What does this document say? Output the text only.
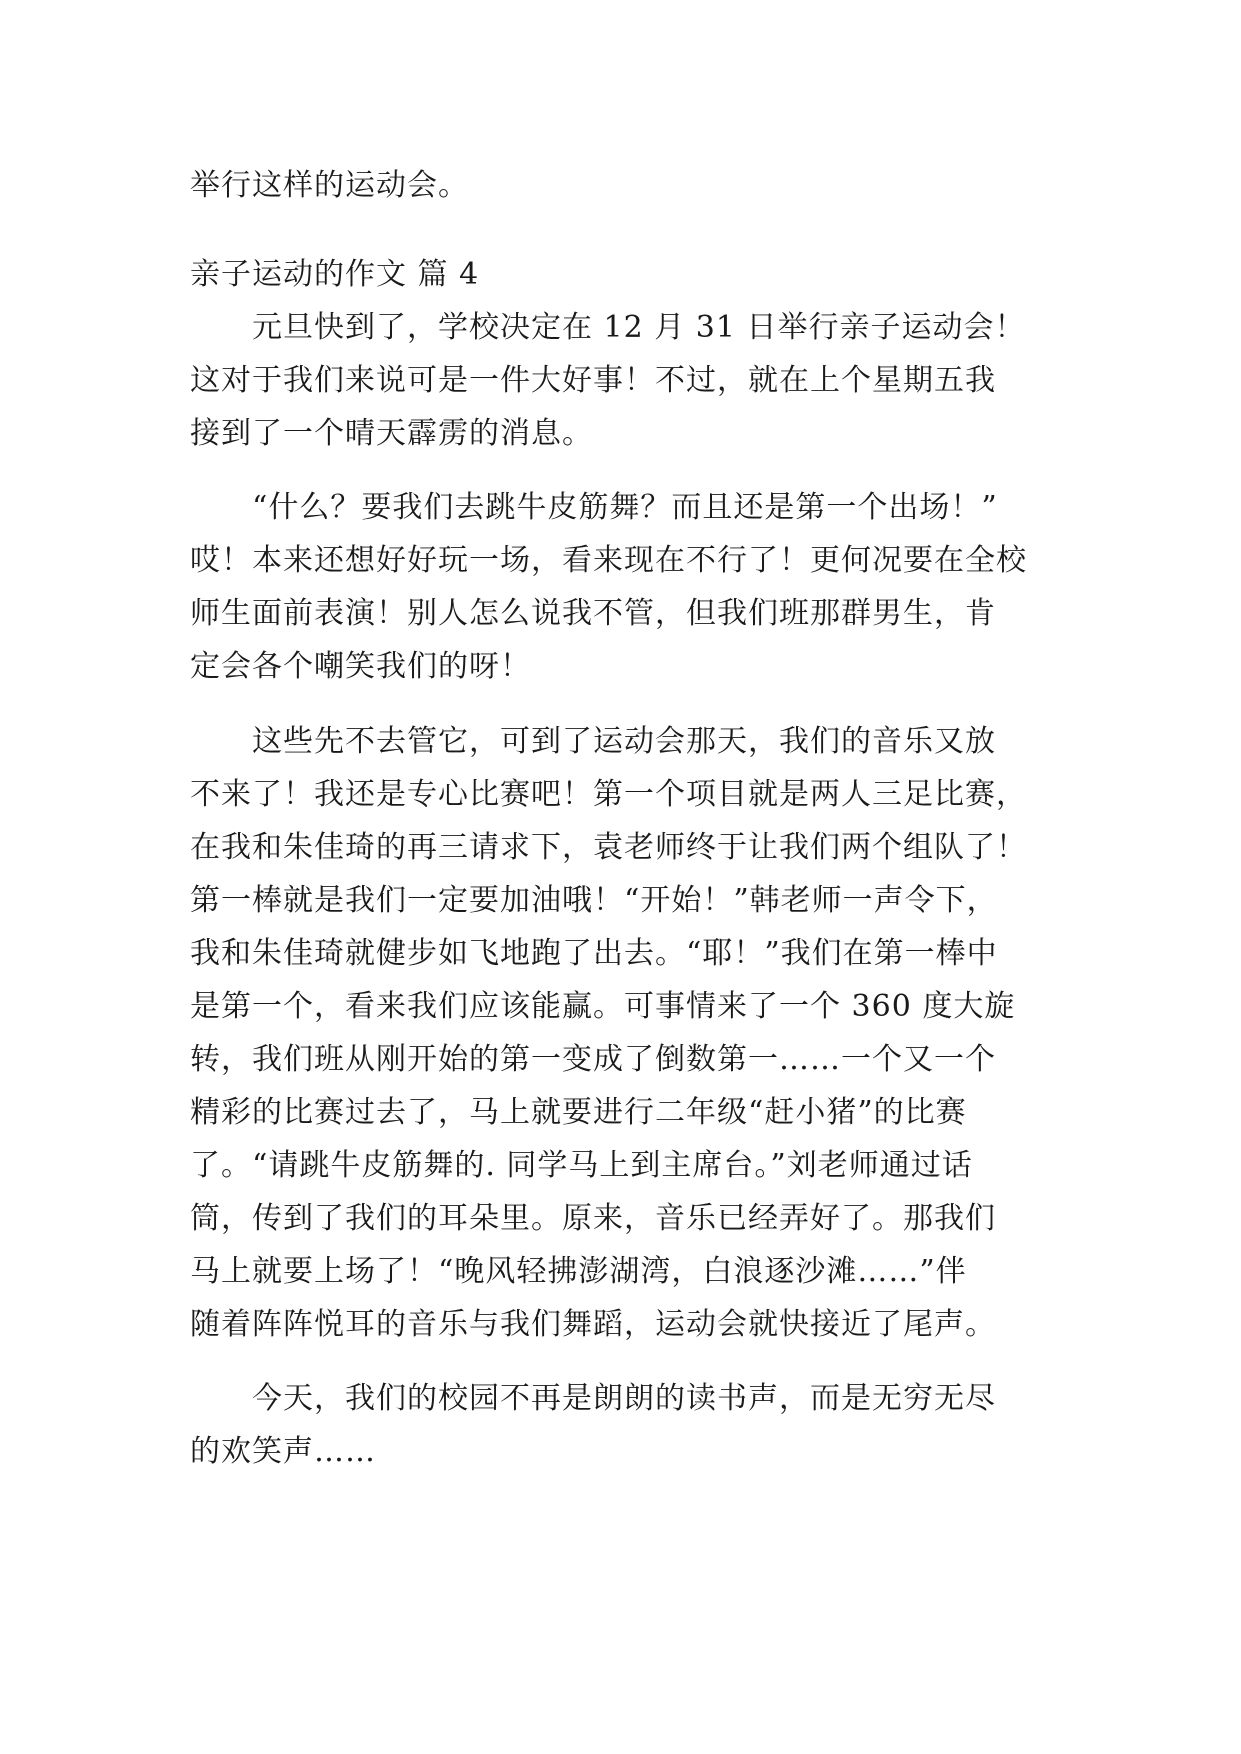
举行这样的运动会。
亲子运动的作文 篇 4
元旦快到了，学校决定在 12 月 31 日举行亲子运动会！
这对于我们来说可是一件大好事！不过，就在上个星期五我
接到了一个晴天霹雳的消息。
“什么？要我们去跳牛皮筋舞？而且还是第一个出场！”
哎！本来还想好好玩一场，看来现在不行了！更何况要在全校
师生面前表演！别人怎么说我不管，但我们班那群男生，肯
定会各个嘲笑我们的呀！
这些先不去管它，可到了运动会那天，我们的音乐又放
不来了！我还是专心比赛吧！第一个项目就是两人三足比赛，
在我和朱佳琦的再三请求下，袁老师终于让我们两个组队了！
第一棒就是我们一定要加油哦！“开始！”韩老师一声令下，
我和朱佳琦就健步如飞地跑了出去。“耶！”我们在第一棒中
是第一个，看来我们应该能赢。可事情来了一个 360 度大旋
转，我们班从刚开始的第一变成了倒数第一……一个又一个
精彩的比赛过去了，马上就要进行二年级“赶小猪”的比赛
了。“请跳牛皮筋舞的. 同学马上到主席台。”刘老师通过话
筒，传到了我们的耳朵里。原来，音乐已经弄好了。那我们
马上就要上场了！“晚风轻拂澎湖湾，白浪逐沙滩……”伴
随着阵阵悦耳的音乐与我们舞蹈，运动会就快接近了尾声。
今天，我们的校园不再是朗朗的读书声，而是无穷无尽
的欢笑声……
